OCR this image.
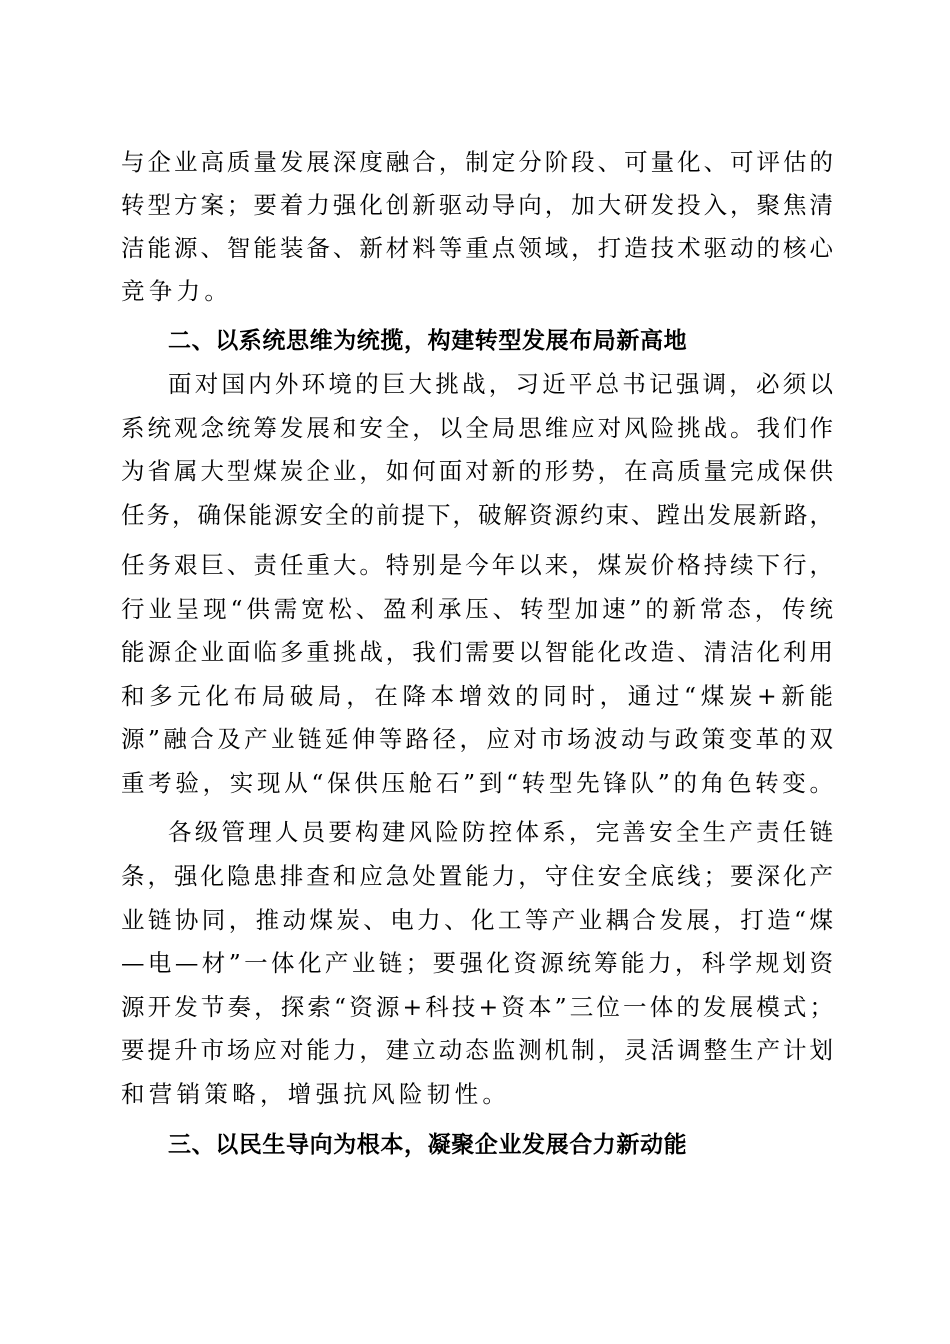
与企业高质量发展深度融合，制定分阶段、可量化、可评估的
转型方案；要着力强化创新驱动导向，加大研发投入，聚焦清
洁能源、智能装备、新材料等重点领域，打造技术驱动的核心
竞争力。
二、以系统思维为统揽，构建转型发展布局新高地
面对国内外环境的巨大挑战，习近平总书记强调，必须以
系统观念统筹发展和安全，以全局思维应对风险挑战。我们作
为省属大型煤炭企业，如何面对新的形势，在高质量完成保供
任务，确保能源安全的前提下，破解资源约束、蹚出发展新路，
任务艰巨、责任重大。特别是今年以来，煤炭价格持续下行，
行业呈现“供需宽松、盈利承压、转型加速”的新常态，传统
能源企业面临多重挑战，我们需要以智能化改造、清洁化利用
和多元化布局破局，在降本增效的同时，通过“煤炭+新能
源”融合及产业链延伸等路径，应对市场波动与政策变革的双
重考验，实现从“保供压舱石”到“转型先锋队”的角色转变。
各级管理人员要构建风险防控体系，完善安全生产责任链
条，强化隐患排查和应急处置能力，守住安全底线；要深化产
业链协同，推动煤炭、电力、化工等产业耦合发展，打造“煤
—电—材”一体化产业链；要强化资源统筹能力，科学规划资
源开发节奏，探索“资源+科技+资本”三位一体的发展模式；
要提升市场应对能力，建立动态监测机制，灵活调整生产计划
和营销策略，增强抗风险韧性。
三、以民生导向为根本，凝聚企业发展合力新动能
